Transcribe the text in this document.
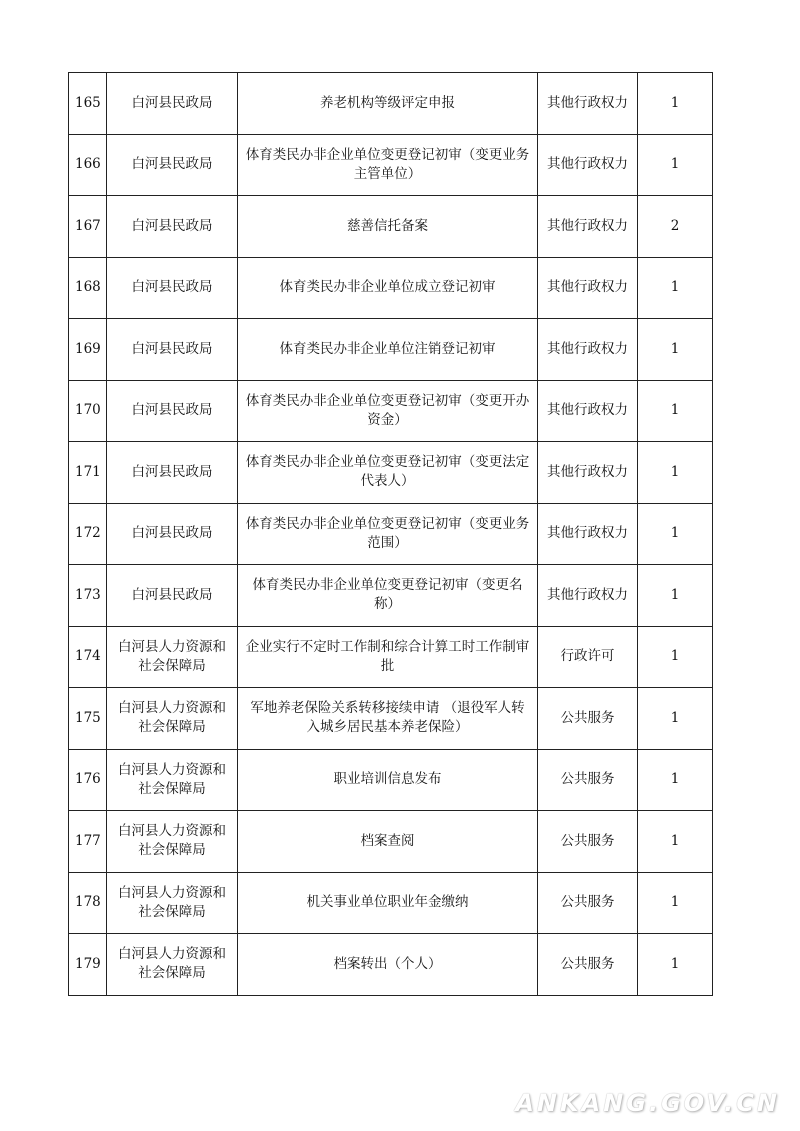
165	白河县民政局	养老机构等级评定申报	其他行政权力	1

166	白河县民政局	体育类民办非企业单位变更登记初审（变更业务主管单位）	其他行政权力	1

167	白河县民政局	慈善信托备案	其他行政权力	2

168	白河县民政局	体育类民办非企业单位成立登记初审	其他行政权力	1

169	白河县民政局	体育类民办非企业单位注销登记初审	其他行政权力	1

170	白河县民政局	体育类民办非企业单位变更登记初审（变更开办资金）	其他行政权力	1

171	白河县民政局	体育类民办非企业单位变更登记初审（变更法定代表人）	其他行政权力	1

172	白河县民政局	体育类民办非企业单位变更登记初审（变更业务范围）	其他行政权力	1

173	白河县民政局	体育类民办非企业单位变更登记初审（变更名称）	其他行政权力	1

174	白河县人力资源和社会保障局	企业实行不定时工作制和综合计算工时工作制审批	行政许可	1

175	白河县人力资源和社会保障局	军地养老保险关系转移接续申请 （退役军人转入城乡居民基本养老保险）	公共服务	1

176	白河县人力资源和社会保障局	职业培训信息发布	公共服务	1

177	白河县人力资源和社会保障局	档案查阅	公共服务	1

178	白河县人力资源和社会保障局	机关事业单位职业年金缴纳	公共服务	1

179	白河县人力资源和社会保障局	档案转出（个人）	公共服务	1
ANKANG.GOV.CN
